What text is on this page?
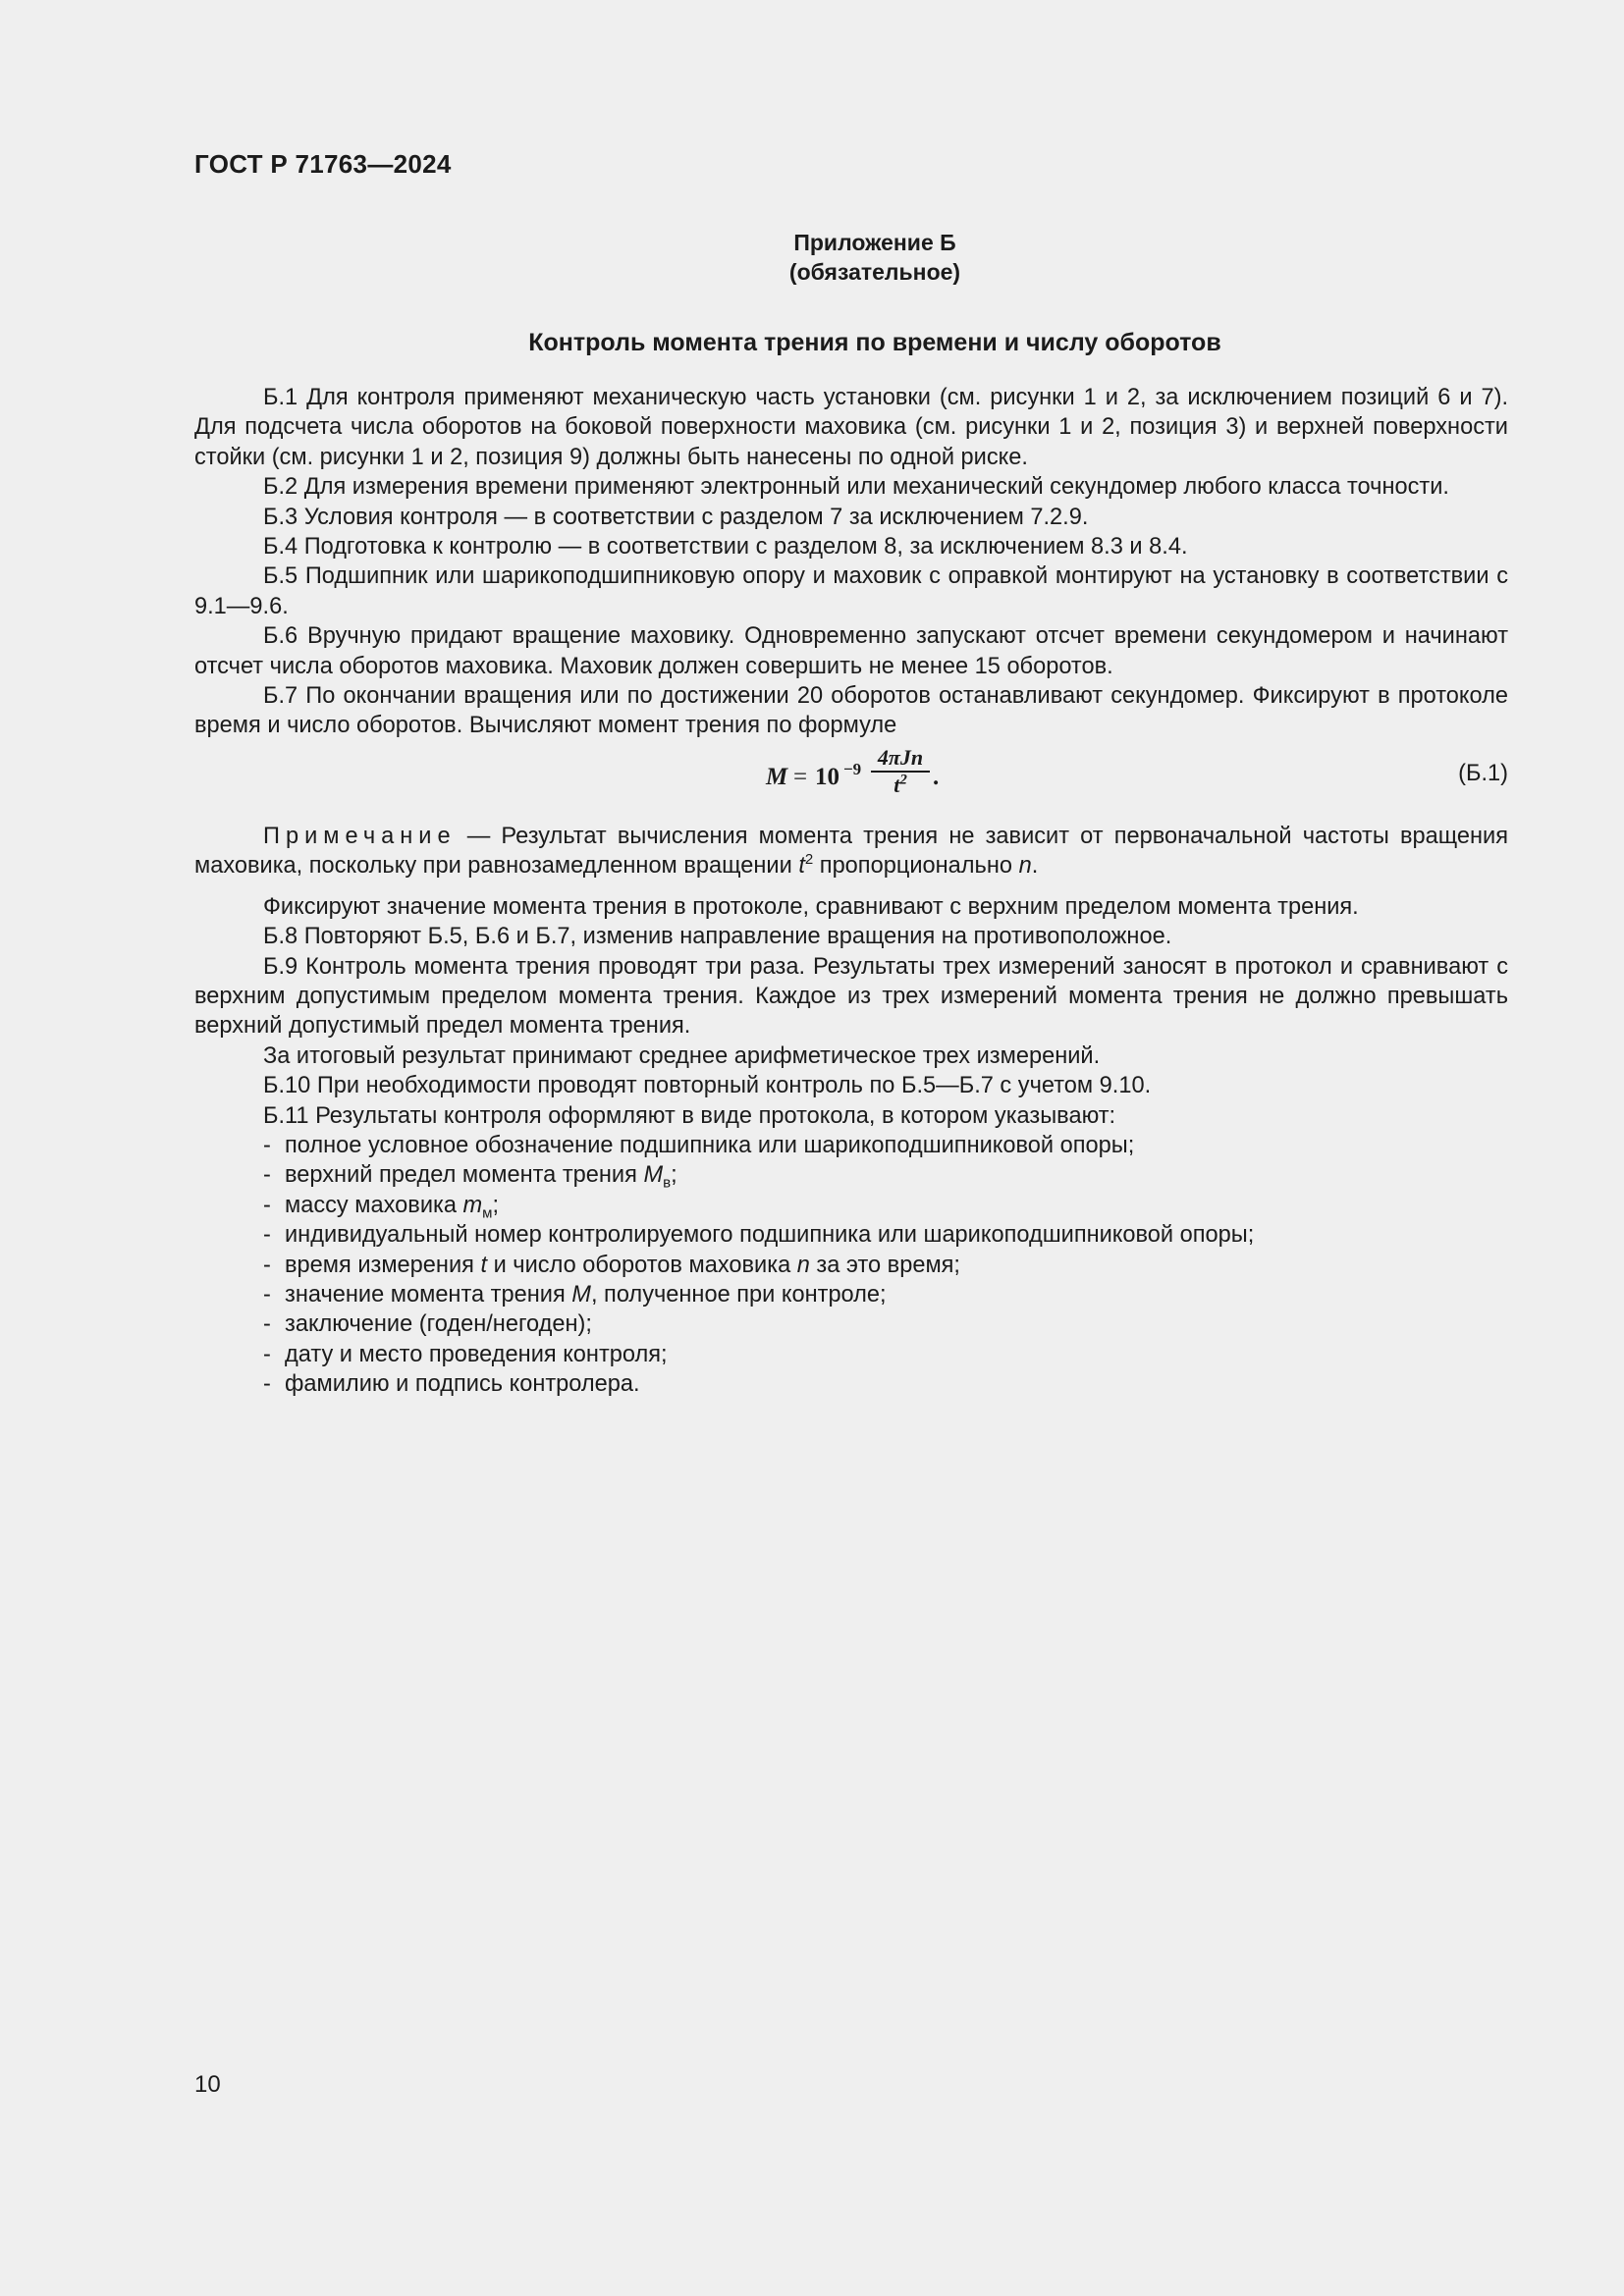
ГОСТ Р 71763—2024
Приложение Б
(обязательное)
Контроль момента трения по времени и числу оборотов

Б.1 Для контроля применяют механическую часть установки (см. рисунки 1 и 2, за исключением позиций 6 и 7). Для подсчета числа оборотов на боковой поверхности маховика (см. рисунки 1 и 2, позиция 3) и верхней поверхности стойки (см. рисунки 1 и 2, позиция 9) должны быть нанесены по одной риске.

Б.2 Для измерения времени применяют электронный или механический секундомер любого класса точности.

Б.3 Условия контроля — в соответствии с разделом 7 за исключением 7.2.9.

Б.4 Подготовка к контролю — в соответствии с разделом 8, за исключением 8.3 и 8.4.

Б.5 Подшипник или шарикоподшипниковую опору и маховик с оправкой монтируют на установку в соответствии с 9.1—9.6.

Б.6 Вручную придают вращение маховику. Одновременно запускают отсчет времени секундомером и начинают отсчет числа оборотов маховика. Маховик должен совершить не менее 15 оборотов.

Б.7 По окончании вращения или по достижении 20 оборотов останавливают секундомер. Фиксируют в протоколе время и число оборотов. Вычисляют момент трения по формуле

M = 10 −9 4πJn
$t^2$	.	(Б.1)

Примечание — Результат вычисления момента трения не зависит от первоначальной частоты вращения маховика, поскольку при равнозамедленном вращении $t^2$ пропорционально n.

Фиксируют значение момента трения в протоколе, сравнивают с верхним пределом момента трения.

Б.8 Повторяют Б.5, Б.6 и Б.7, изменив направление вращения на противоположное.

Б.9 Контроль момента трения проводят три раза. Результаты трех измерений заносят в протокол и сравнивают с верхним допустимым пределом момента трения. Каждое из трех измерений момента трения не должно превышать верхний допустимый предел момента трения.

За итоговый результат принимают среднее арифметическое трех измерений.

Б.10 При необходимости проводят повторный контроль по Б.5—Б.7 с учетом 9.10.

Б.11 Результаты контроля оформляют в виде протокола, в котором указывают:

- полное условное обозначение подшипника или шарикоподшипниковой опоры;

- верхний предел момента трения $M_в$;

- массу маховика $m_м$;

- индивидуальный номер контролируемого подшипника или шарикоподшипниковой опоры;

- время измерения t и число оборотов маховика n за это время;

- значение момента трения M, полученное при контроле;

- заключение (годен/негоден);

- дату и место проведения контроля;

- фамилию и подпись контролера.

10
